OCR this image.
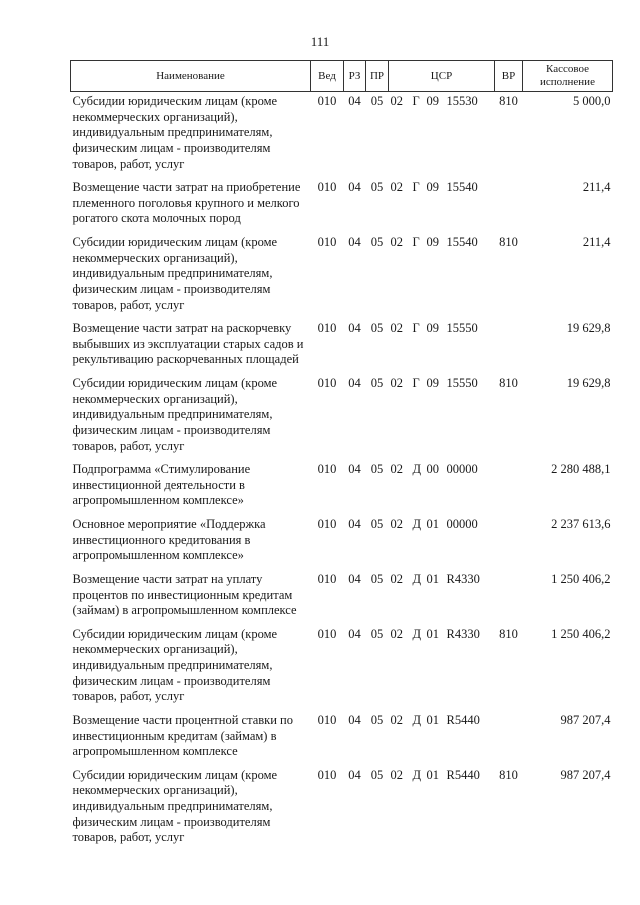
111
Наименование	Вед	РЗ	ПР	ЦСР	ВР	Кассовое
исполнение

Субсидии юридическим лицам (кроме некоммерческих организаций), индивидуальным предпринимателям, физическим лицам - производителям товаров, работ, услуг	010	04	05	02 Г 09 15530	810	5 000,0
Возмещение части затрат на приобретение племенного поголовья крупного и мелкого рогатого скота молочных пород	010	04	05	02 Г 09 15540		211,4
Субсидии юридическим лицам (кроме некоммерческих организаций), индивидуальным предпринимателям, физическим лицам - производителям товаров, работ, услуг	010	04	05	02 Г 09 15540	810	211,4
Возмещение части затрат на раскорчевку выбывших из эксплуатации старых садов и рекультивацию раскорчеванных площадей	010	04	05	02 Г 09 15550		19 629,8
Субсидии юридическим лицам (кроме некоммерческих организаций), индивидуальным предпринимателям, физическим лицам - производителям товаров, работ, услуг	010	04	05	02 Г 09 15550	810	19 629,8
Подпрограмма «Стимулирование инвестиционной деятельности в агропромышленном комплексе»	010	04	05	02 Д 00 00000		2 280 488,1
Основное мероприятие «Поддержка инвестиционного кредитования в агропромышленном комплексе»	010	04	05	02 Д 01 00000		2 237 613,6
Возмещение части затрат на уплату процентов по инвестиционным кредитам (займам) в агропромышленном комплексе	010	04	05	02 Д 01 R4330		1 250 406,2
Субсидии юридическим лицам (кроме некоммерческих организаций), индивидуальным предпринимателям, физическим лицам - производителям товаров, работ, услуг	010	04	05	02 Д 01 R4330	810	1 250 406,2
Возмещение части процентной ставки по инвестиционным кредитам (займам) в агропромышленном комплексе	010	04	05	02 Д 01 R5440		987 207,4
Субсидии юридическим лицам (кроме некоммерческих организаций), индивидуальным предпринимателям, физическим лицам - производителям товаров, работ, услуг	010	04	05	02 Д 01 R5440	810	987 207,4
